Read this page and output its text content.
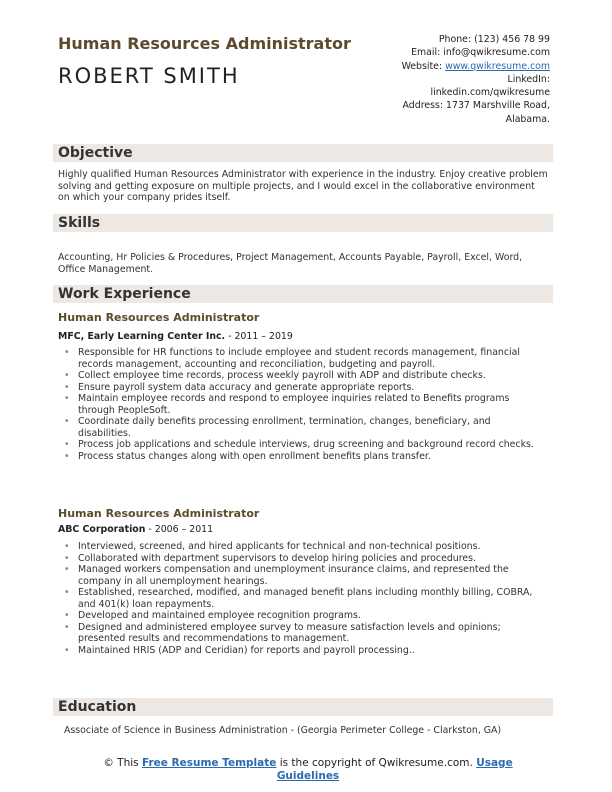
Human Resources Administrator
ROBERT SMITH
Phone: (123) 456 78 99
Email: info@qwikresume.com
Website: www.qwikresume.com
LinkedIn:
linkedin.com/qwikresume
Address: 1737 Marshville Road, Alabama.
Objective
Highly qualified Human Resources Administrator with experience in the industry. Enjoy creative problem solving and getting exposure on multiple projects, and I would excel in the collaborative environment on which your company prides itself.
Skills
Accounting, Hr Policies & Procedures, Project Management, Accounts Payable, Payroll, Excel, Word, Office Management.
Work Experience
Human Resources Administrator
MFC, Early Learning Center Inc. - 2011 – 2019
• Responsible for HR functions to include employee and student records management, financial records management, accounting and reconciliation, budgeting and payroll.
• Collect employee time records, process weekly payroll with ADP and distribute checks.
• Ensure payroll system data accuracy and generate appropriate reports.
• Maintain employee records and respond to employee inquiries related to Benefits programs through PeopleSoft.
• Coordinate daily benefits processing enrollment, termination, changes, beneficiary, and disabilities.
• Process job applications and schedule interviews, drug screening and background record checks.
• Process status changes along with open enrollment benefits plans transfer.
Human Resources Administrator
ABC Corporation - 2006 – 2011
• Interviewed, screened, and hired applicants for technical and non-technical positions.
• Collaborated with department supervisors to develop hiring policies and procedures.
• Managed workers compensation and unemployment insurance claims, and represented the company in all unemployment hearings.
• Established, researched, modified, and managed benefit plans including monthly billing, COBRA, and 401(k) loan repayments.
• Developed and maintained employee recognition programs.
• Designed and administered employee survey to measure satisfaction levels and opinions; presented results and recommendations to management.
• Maintained HRIS (ADP and Ceridian) for reports and payroll processing..
Education
Associate of Science in Business Administration - (Georgia Perimeter College - Clarkston, GA)
© This Free Resume Template is the copyright of Qwikresume.com. Usage Guidelines
